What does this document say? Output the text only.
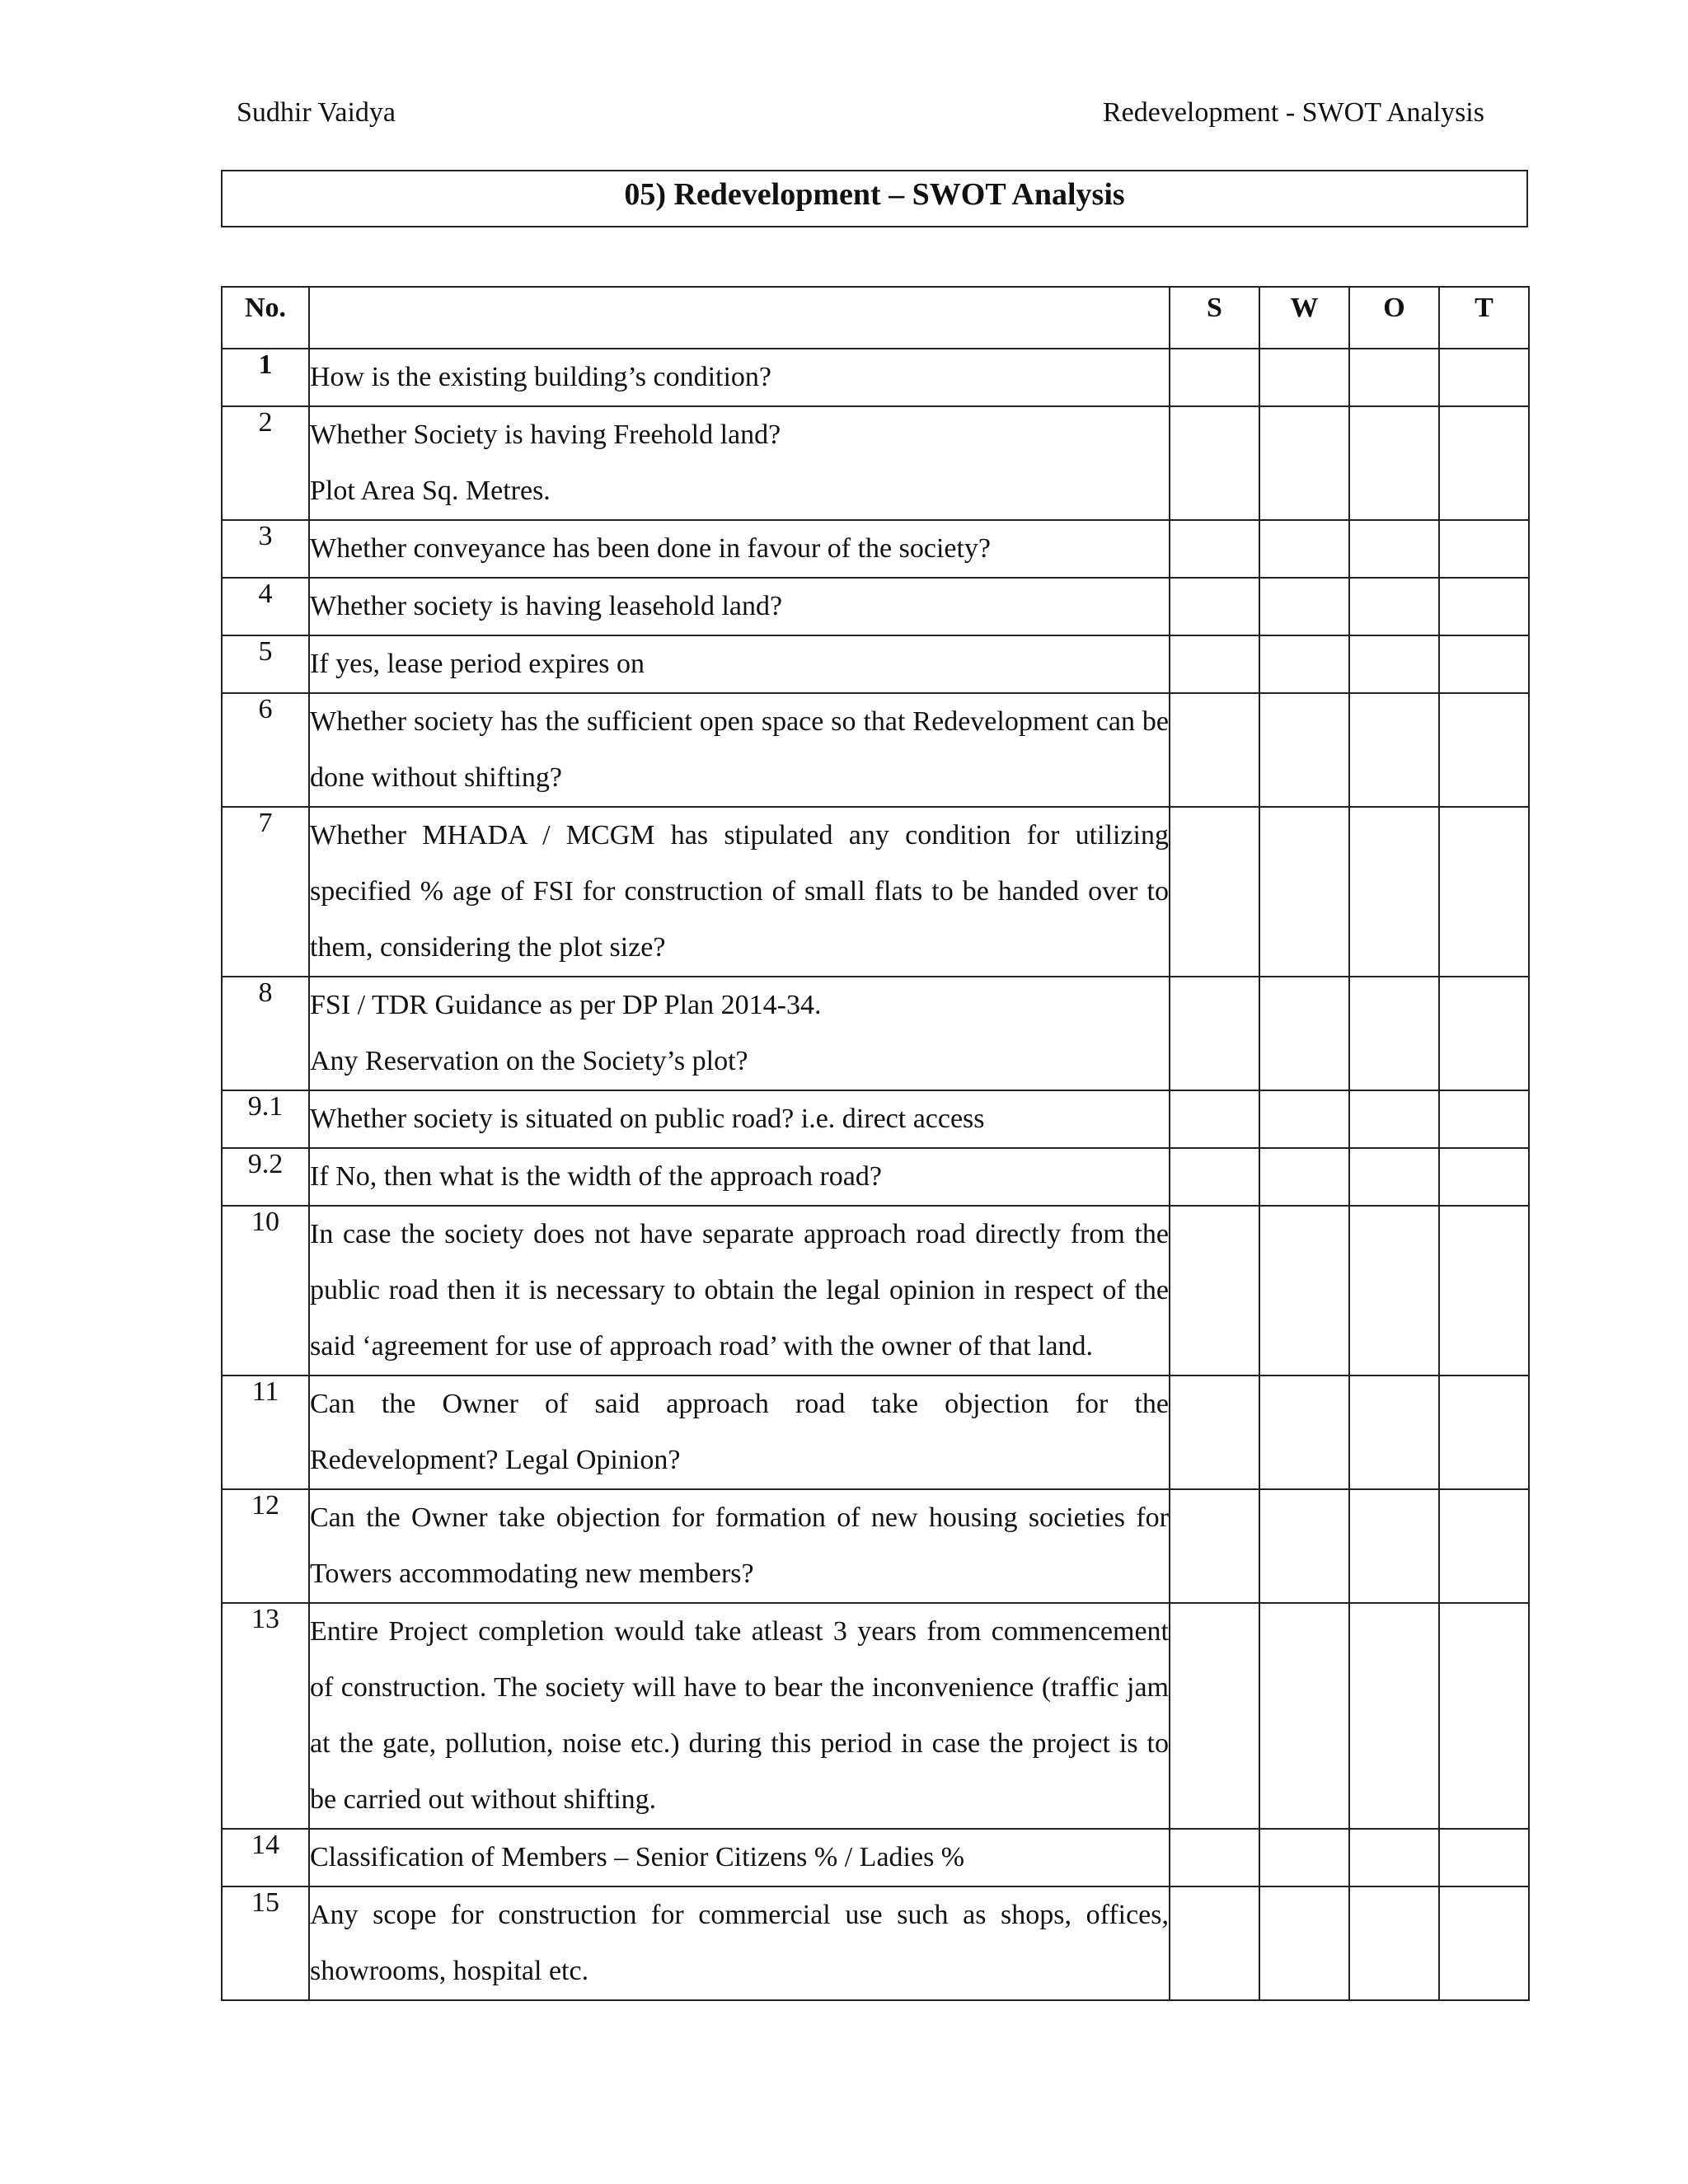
Sudhir Vaidya	Redevelopment - SWOT Analysis
05) Redevelopment – SWOT Analysis
No.		S	W	O	T
1	How is the existing building’s condition?				

2	Whether Society is having Freehold land?
Plot Area Sq. Metres.				

3	Whether conveyance has been done in favour of the society?				

4	Whether society is having leasehold land?				

5	If yes, lease period expires on				

6	Whether society has the sufficient open space so that Redevelopment can be done without shifting?				

7	Whether MHADA / MCGM has stipulated any condition for utilizing specified % age of FSI for construction of small flats to be handed over to them, considering the plot size?				

8	FSI / TDR Guidance as per DP Plan 2014-34.
Any Reservation on the Society’s plot?				

9.1	Whether society is situated on public road? i.e. direct access				

9.2	If No, then what is the width of the approach road?				

10	In case the society does not have separate approach road directly from the public road then it is necessary to obtain the legal opinion in respect of the said ‘agreement for use of approach road’ with the owner of that land.				

11	Can the Owner of said approach road take objection for the Redevelopment? Legal Opinion?				

12	Can the Owner take objection for formation of new housing societies for Towers accommodating new members?				

13	Entire Project completion would take atleast 3 years from commencement of construction. The society will have to bear the inconvenience (traffic jam at the gate, pollution, noise etc.) during this period in case the project is to be carried out without shifting.				

14	Classification of Members – Senior Citizens % / Ladies %				

15	Any scope for construction for commercial use such as shops, offices, showrooms, hospital etc.				
